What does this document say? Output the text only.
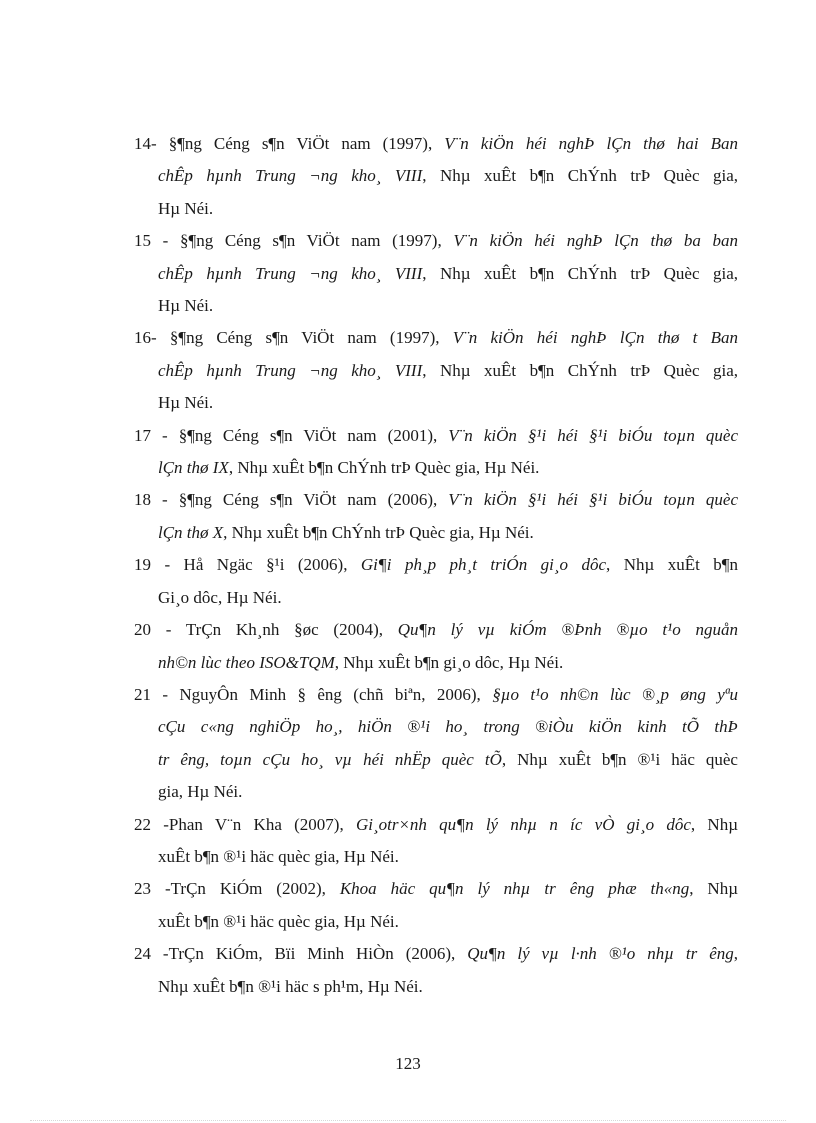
14- §¶ng Céng s¶n ViÖt nam (1997), V¨n kiÖn héi nghÞ lÇn thø hai Ban
chÊp hµnh Trung ¬ng kho¸ VIII, Nhµ xuÊt b¶n ChÝnh trÞ Quèc gia,
Hµ Néi.

15 - §¶ng Céng s¶n ViÖt nam (1997), V¨n kiÖn héi nghÞ lÇn thø ba ban
chÊp hµnh Trung ¬ng kho¸ VIII, Nhµ xuÊt b¶n ChÝnh trÞ Quèc gia,
Hµ Néi.

16- §¶ng Céng s¶n ViÖt nam (1997), V¨n kiÖn héi nghÞ lÇn thø t Ban
chÊp hµnh Trung ¬ng kho¸ VIII, Nhµ xuÊt b¶n ChÝnh trÞ Quèc gia,
Hµ Néi.

17 - §¶ng Céng s¶n ViÖt nam (2001), V¨n kiÖn §¹i héi §¹i biÓu toµn quèc
lÇn thø IX, Nhµ xuÊt b¶n ChÝnh trÞ Quèc gia, Hµ Néi.

18 - §¶ng Céng s¶n ViÖt nam (2006), V¨n kiÖn §¹i héi §¹i biÓu toµn quèc
lÇn thø X, Nhµ xuÊt b¶n ChÝnh trÞ Quèc gia, Hµ Néi.

19 - Hå Ngäc §¹i (2006), Gi¶i ph¸p ph¸t triÓn gi¸o dôc, Nhµ xuÊt b¶n
Gi¸o dôc, Hµ Néi.

20 - TrÇn Kh¸nh §øc (2004), Qu¶n lý vµ kiÓm ®Þnh ®µo t¹o nguån
nh©n lùc theo ISO&TQM, Nhµ xuÊt b¶n gi¸o dôc, Hµ Néi.

21 - NguyÔn Minh § êng (chñ biªn, 2006), §µo t¹o nh©n lùc ®¸p øng yªu
cÇu c«ng nghiÖp ho¸, hiÖn ®¹i ho¸ trong ®iÒu kiÖn kinh tÕ thÞ
tr êng, toµn cÇu ho¸ vµ héi nhËp quèc tÕ, Nhµ xuÊt b¶n ®¹i häc quèc
gia, Hµ Néi.

22 -Phan V¨n Kha (2007), Gi¸otr×nh qu¶n lý nhµ n íc vÒ gi¸o dôc, Nhµ
xuÊt b¶n ®¹i häc quèc gia, Hµ Néi.

23 -TrÇn KiÓm (2002), Khoa häc qu¶n lý nhµ tr êng phæ th«ng, Nhµ
xuÊt b¶n ®¹i häc quèc gia, Hµ Néi.

24 -TrÇn KiÓm, Bïi Minh HiÒn (2006), Qu¶n lý vµ l·nh ®¹o nhµ tr êng,
Nhµ xuÊt b¶n ®¹i häc s ph¹m, Hµ Néi.

123
